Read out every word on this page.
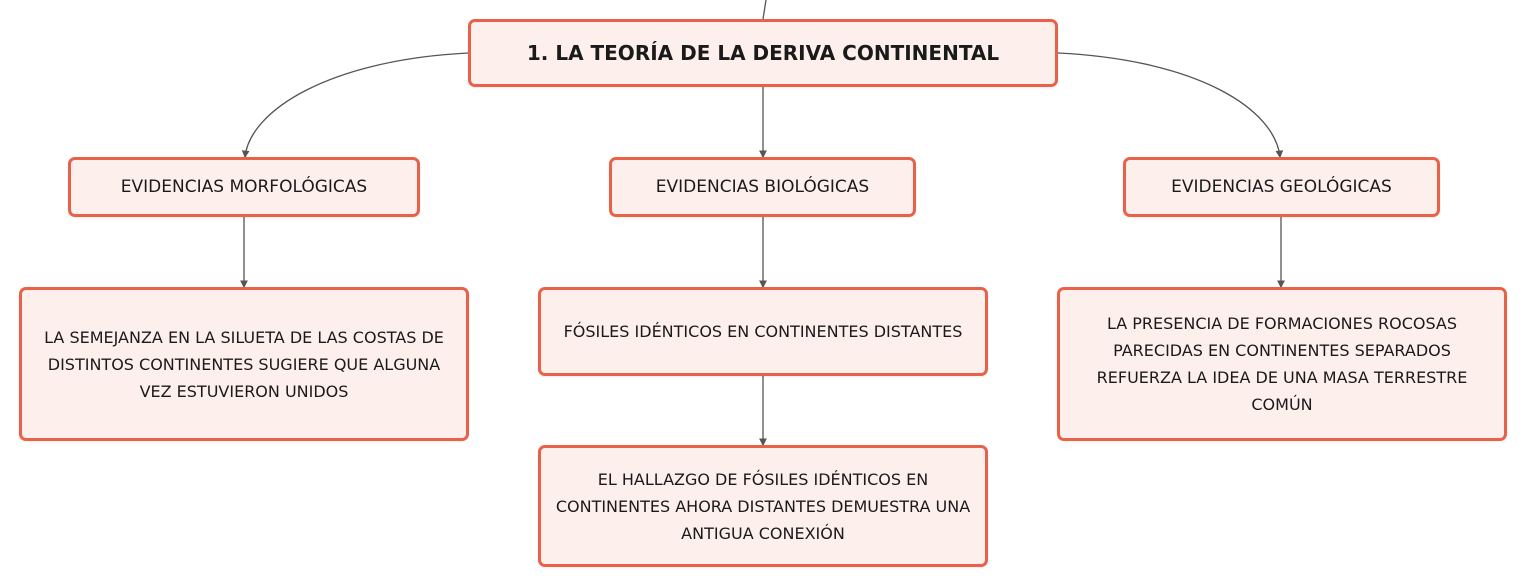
1. LA TEORÍA DE LA DERIVA CONTINENTAL
EVIDENCIAS MORFOLÓGICAS	EVIDENCIAS BIOLÓGICAS	EVIDENCIAS GEOLÓGICAS
LA SEMEJANZA EN LA SILUETA DE LAS COSTAS DE DISTINTOS CONTINENTES SUGIERE QUE ALGUNA VEZ ESTUVIERON UNIDOS
FÓSILES IDÉNTICOS EN CONTINENTES DISTANTES
EL HALLAZGO DE FÓSILES IDÉNTICOS EN CONTINENTES AHORA DISTANTES DEMUESTRA UNA ANTIGUA CONEXIÓN
LA PRESENCIA DE FORMACIONES ROCOSAS PARECIDAS EN CONTINENTES SEPARADOS REFUERZA LA IDEA DE UNA MASA TERRESTRE COMÚN
